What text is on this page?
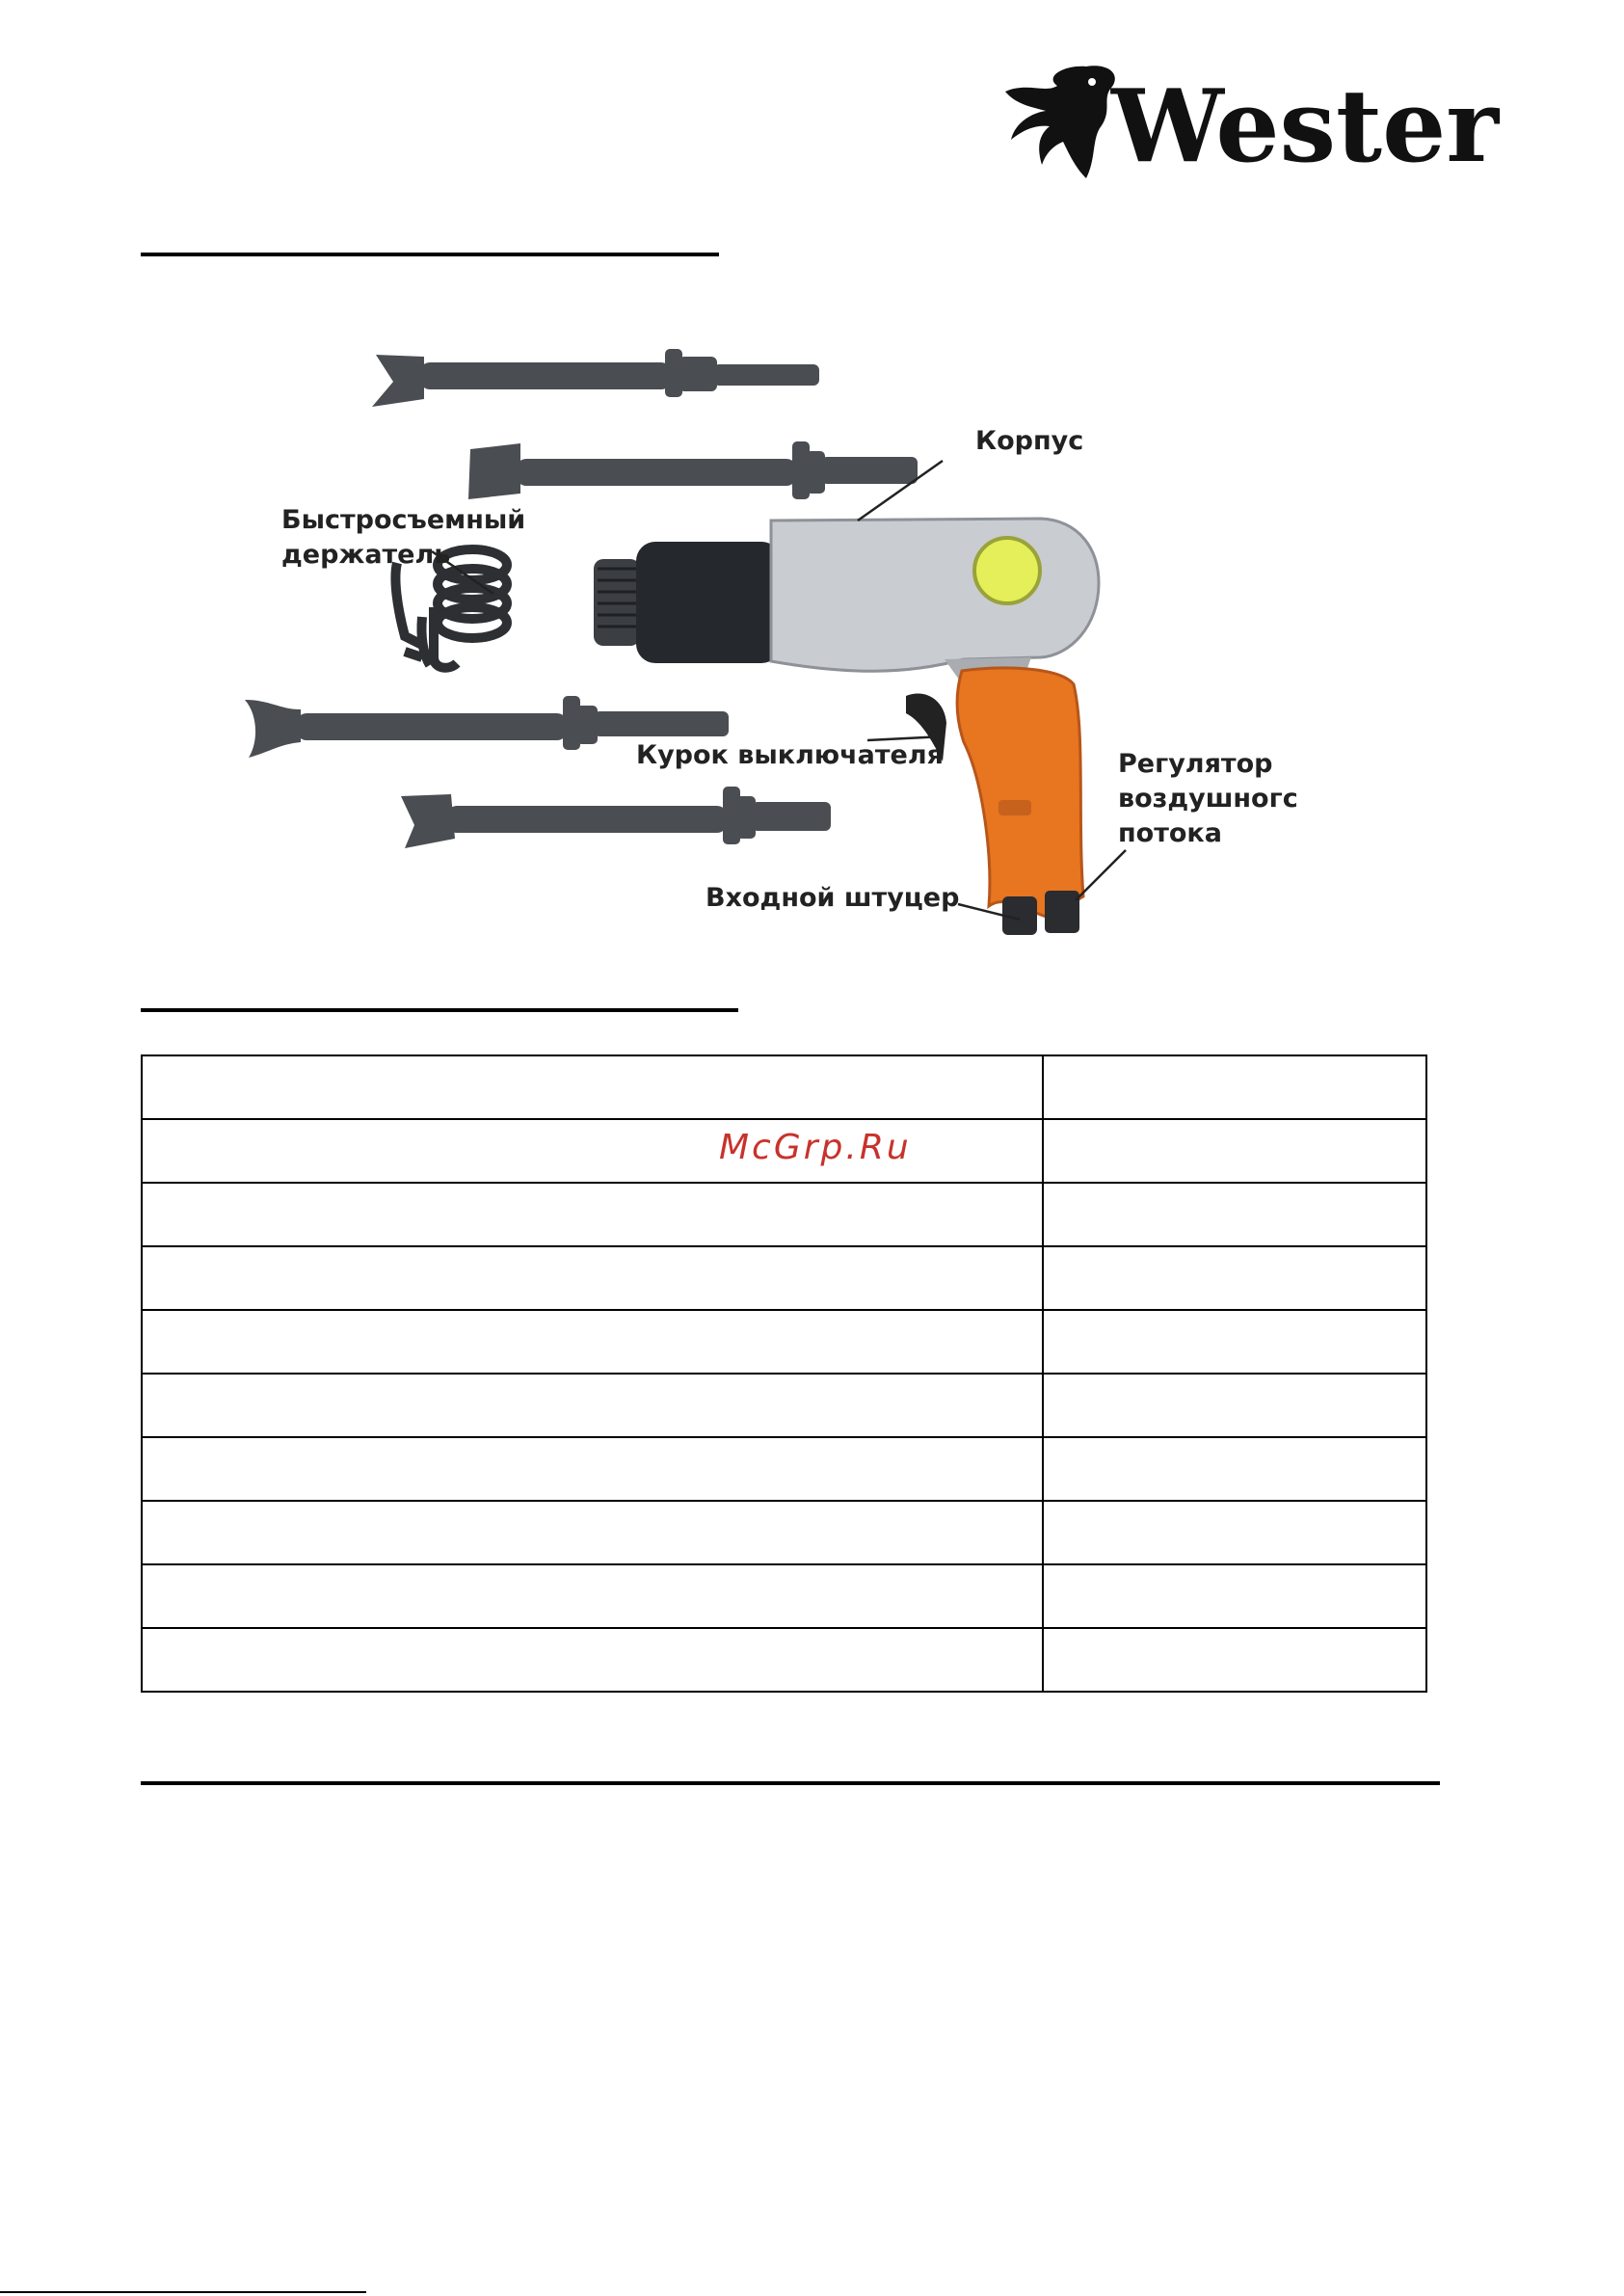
Wester
Корпус
Быстросъемный
держатель
Курок выключателя	Регулятор
воздушногс
потока
Входной штуцер

McGrp.Ru
